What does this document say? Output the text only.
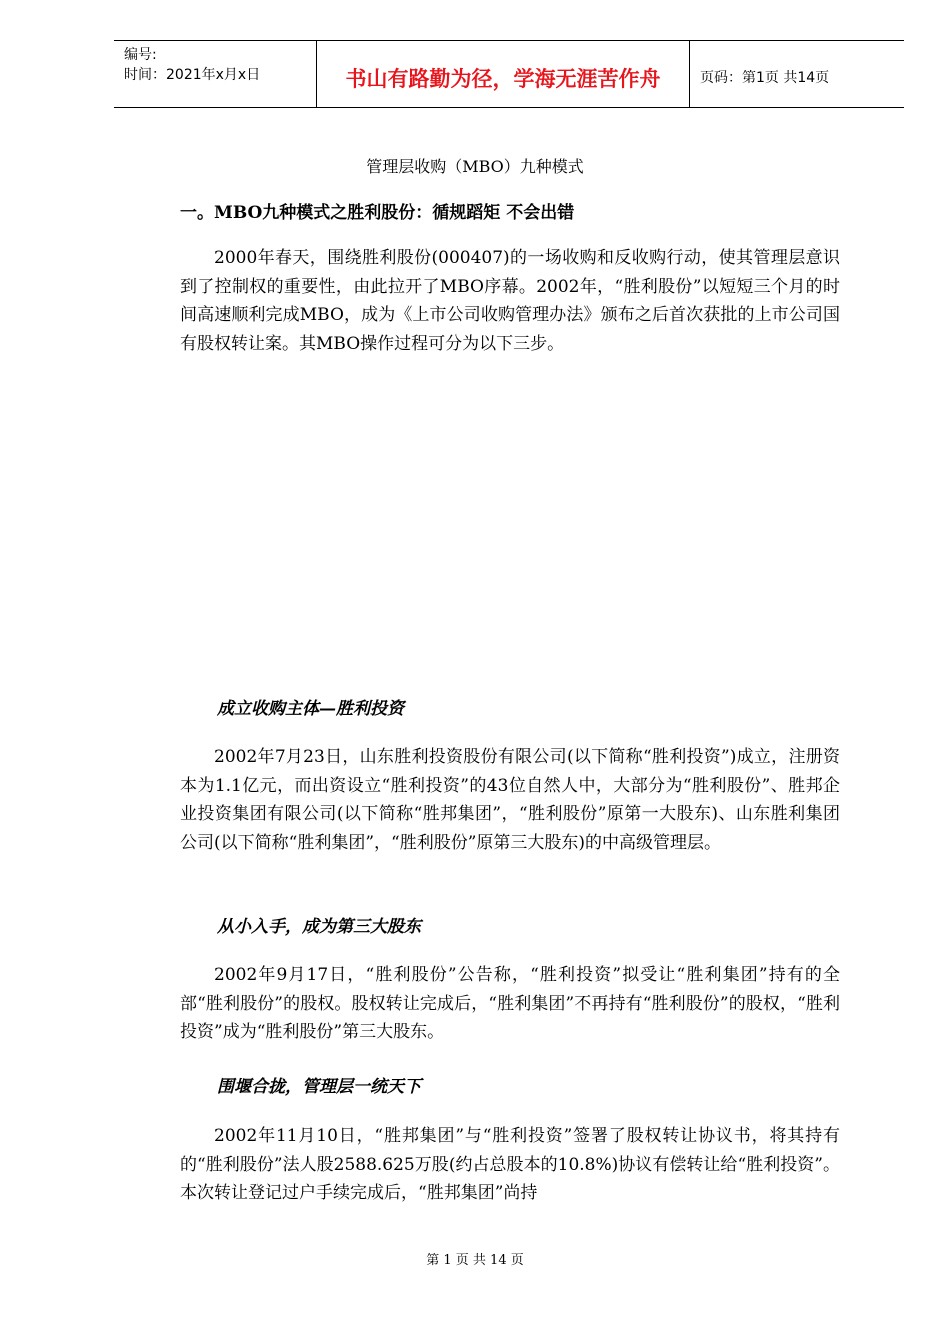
编号:
时间：2021年x月x日	书山有路勤为径，学海无涯苦作舟	页码：第1页 共14页
管理层收购（MBO）九种模式
一。MBO九种模式之胜利股份：循规蹈矩 不会出错

2000年春天，围绕胜利股份(000407)的一场收购和反收购行动，使其管理层意识到了控制权的重要性，由此拉开了MBO序幕。2002年，“胜利股份”以短短三个月的时间高速顺利完成MBO，成为《上市公司收购管理办法》颁布之后首次获批的上市公司国有股权转让案。其MBO操作过程可分为以下三步。

成立收购主体—胜利投资

2002年7月23日，山东胜利投资股份有限公司(以下简称“胜利投资”)成立，注册资本为1.1亿元，而出资设立“胜利投资”的43位自然人中，大部分为“胜利股份”、胜邦企业投资集团有限公司(以下简称“胜邦集团”，“胜利股份”原第一大股东)、山东胜利集团公司(以下简称“胜利集团”，“胜利股份”原第三大股东)的中高级管理层。

从小入手，成为第三大股东

2002年9月17日，“胜利股份”公告称，“胜利投资”拟受让“胜利集团”持有的全部“胜利股份”的股权。股权转让完成后，“胜利集团”不再持有“胜利股份”的股权，“胜利投资”成为“胜利股份”第三大股东。

围堰合拢，管理层一统天下

2002年11月10日，“胜邦集团”与“胜利投资”签署了股权转让协议书，将其持有的“胜利股份”法人股2588.625万股(约占总股本的10.8%)协议有偿转让给“胜利投资”。本次转让登记过户手续完成后，“胜邦集团”尚持

第 1 页 共 14 页
